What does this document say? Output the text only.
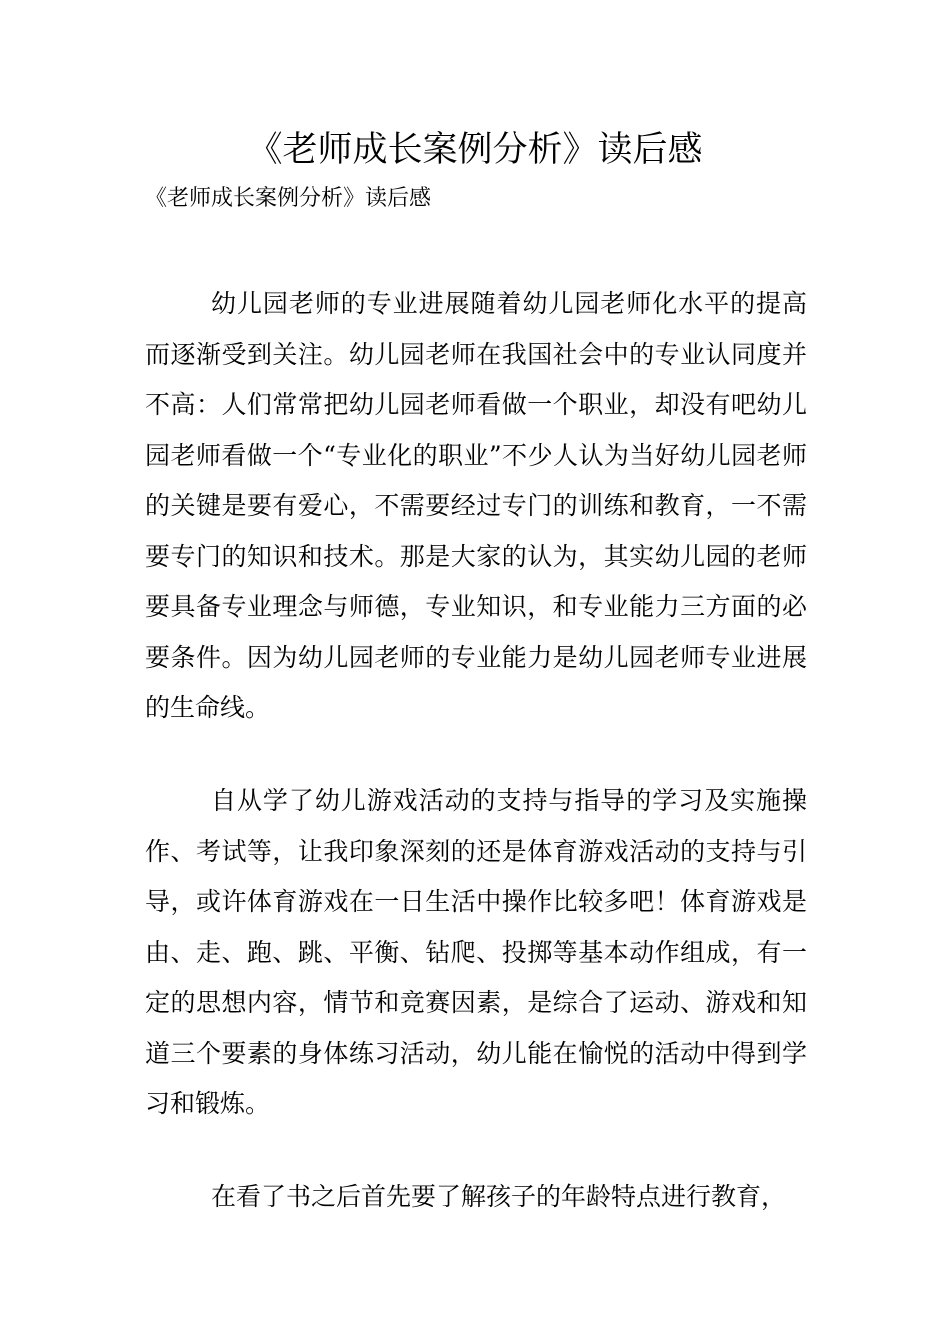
《老师成长案例分析》读后感

《老师成长案例分析》读后感

幼儿园老师的专业进展随着幼儿园老师化水平的提高而逐渐受到关注。幼儿园老师在我国社会中的专业认同度并不高：人们常常把幼儿园老师看做一个职业，却没有吧幼儿园老师看做一个“专业化的职业”不少人认为当好幼儿园老师的关键是要有爱心，不需要经过专门的训练和教育，一不需要专门的知识和技术。那是大家的认为，其实幼儿园的老师要具备专业理念与师德，专业知识，和专业能力三方面的必要条件。因为幼儿园老师的专业能力是幼儿园老师专业进展的生命线。

自从学了幼儿游戏活动的支持与指导的学习及实施操作、考试等，让我印象深刻的还是体育游戏活动的支持与引导，或许体育游戏在一日生活中操作比较多吧！体育游戏是由、走、跑、跳、平衡、钻爬、投掷等基本动作组成，有一定的思想内容，情节和竞赛因素，是综合了运动、游戏和知道三个要素的身体练习活动，幼儿能在愉悦的活动中得到学习和锻炼。

在看了书之后首先要了解孩子的年龄特点进行教育，
